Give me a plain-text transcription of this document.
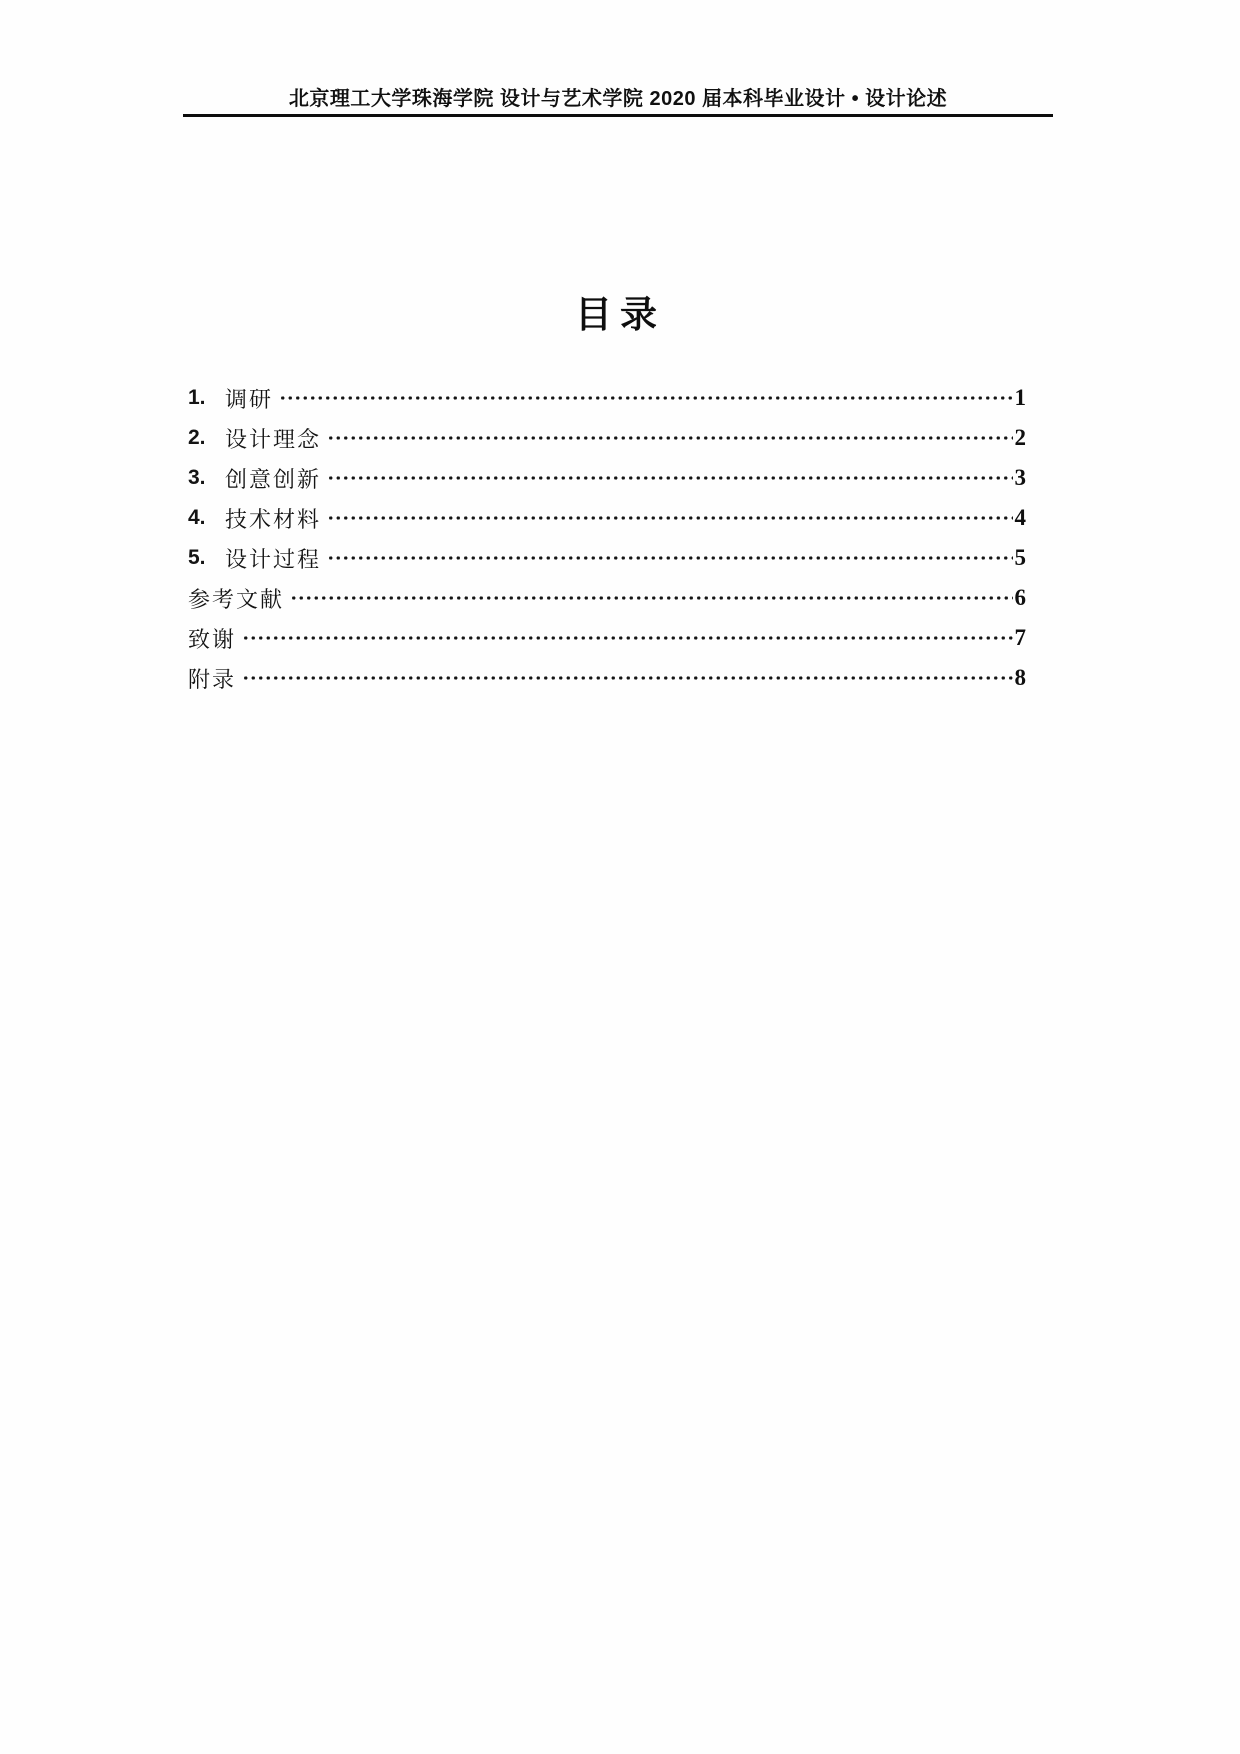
北京理工大学珠海学院 设计与艺术学院 2020 届本科毕业设计 • 设计论述
目录
1. 调研	1
2. 设计理念	2
3. 创意创新	3
4. 技术材料	4
5. 设计过程	5
参考文献	6
致谢	7
附录	8
